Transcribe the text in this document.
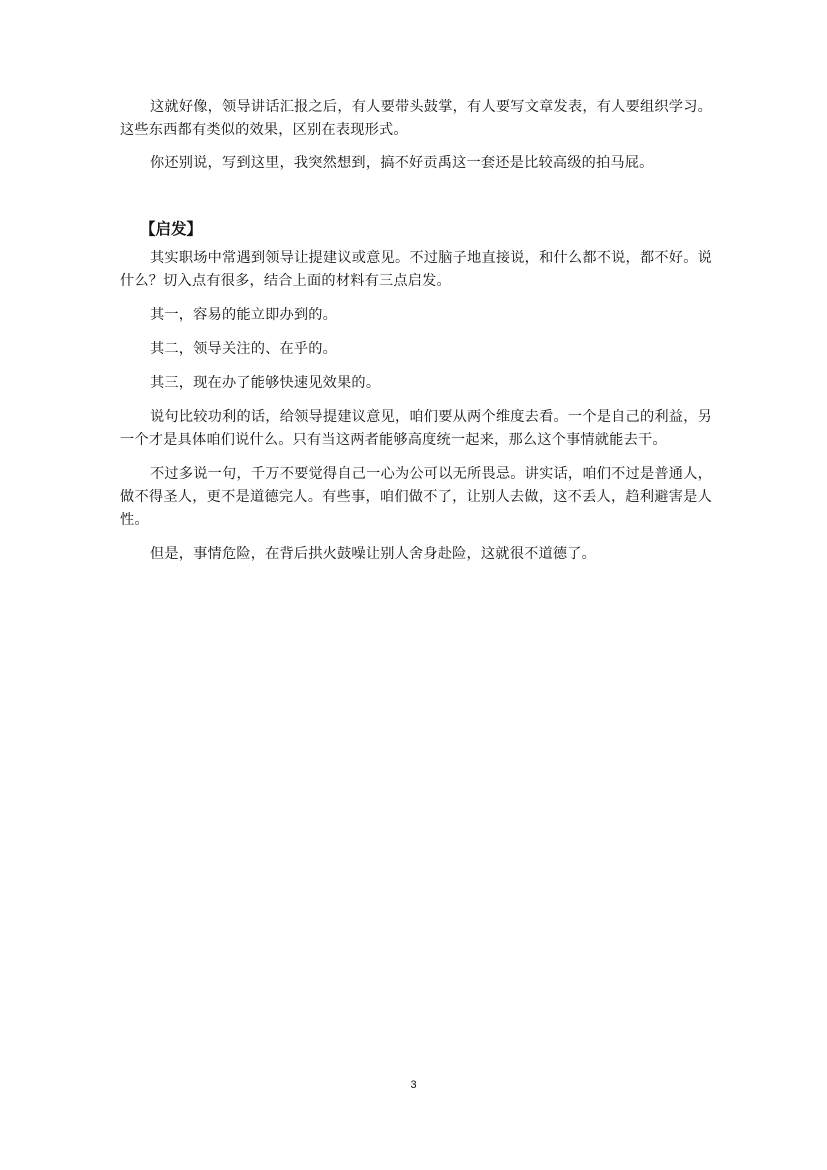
这就好像，领导讲话汇报之后，有人要带头鼓掌，有人要写文章发表，有人要组织学习。这些东西都有类似的效果，区别在表现形式。

你还别说，写到这里，我突然想到，搞不好贡禹这一套还是比较高级的拍马屁。

【启发】

其实职场中常遇到领导让提建议或意见。不过脑子地直接说，和什么都不说，都不好。说什么？切入点有很多，结合上面的材料有三点启发。

其一，容易的能立即办到的。

其二，领导关注的、在乎的。

其三，现在办了能够快速见效果的。

说句比较功利的话，给领导提建议意见，咱们要从两个维度去看。一个是自己的利益，另一个才是具体咱们说什么。只有当这两者能够高度统一起来，那么这个事情就能去干。

不过多说一句，千万不要觉得自己一心为公可以无所畏忌。讲实话，咱们不过是普通人，做不得圣人，更不是道德完人。有些事，咱们做不了，让别人去做，这不丢人，趋利避害是人性。

但是，事情危险，在背后拱火鼓噪让别人舍身赴险，这就很不道德了。

3
